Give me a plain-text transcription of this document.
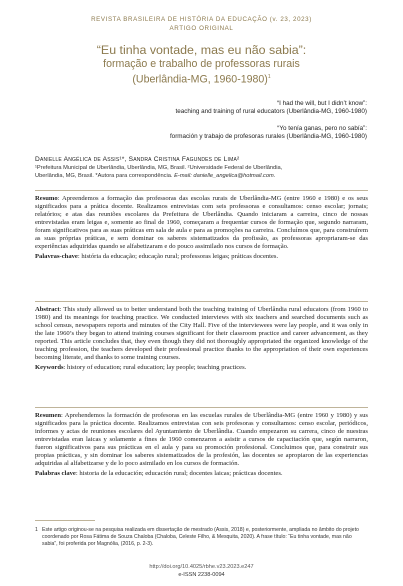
REVISTA BRASILEIRA DE HISTÓRIA DA EDUCAÇÃO (v. 23, 2023)
ARTIGO ORIGINAL
“Eu tinha vontade, mas eu não sabia”:
formação e trabalho de professoras rurais
(Uberlândia-MG, 1960-1980)$^1$
“I had the will, but I didn’t know”:
teaching and training of rural educators (Uberlândia-MG, 1960-1980)
“Yo tenía ganas, pero no sabía”:
formación y trabajo de profesoras rurales (Uberlândia-MG, 1960-1980)
Danielle Angélica de Assis¹*, Sandra Cristina Fagundes de Lima²
¹Prefeitura Municipal de Uberlândia, Uberlândia, MG, Brasil. ²Universidade Federal de Uberlândia,
Uberlândia, MG, Brasil. *Autora para correspondência. E-mail: danielle_angelica@hotmail.com.
Resumo: Apreendemos a formação das professoras das escolas rurais de Uberlândia-MG (entre 1960 e 1980) e os seus significados para a prática docente. Realizamos entrevistas com seis professoras e consultamos: censo escolar; jornais; relatórios; e atas das reuniões escolares da Prefeitura de Uberlândia. Quando iniciaram a carreira, cinco de nossas entrevistadas eram leigas e, somente ao final de 1960, começaram a frequentar cursos de formação que, segundo narraram, foram significativos para as suas práticas em sala de aula e para as promoções na carreira. Concluímos que, para construírem as suas próprias práticas, e sem dominar os saberes sistematizados da profissão, as professoras apropriaram-se das experiências adquiridas quando se alfabetizaram e do pouco assimilado nos cursos de formação.
Palavras-chave: história da educação; educação rural; professoras leigas; práticas docentes.
Abstract: This study allowed us to better understand both the teaching training of Uberlândia rural educators (from 1960 to 1980) and its meanings for teaching practice. We conducted interviews with six teachers and searched documents such as school census, newspapers reports and minutes of the City Hall. Five of the interviewees were lay people, and it was only in the late 1960’s they began to attend training courses significant for their classroom practice and career advancement, as they reported. This article concludes that, they even though they did not thoroughly appropriated the organized knowledge of the teaching profession, the teachers developed their professional practice thanks to the appropriation of their own experiences becoming literate, and thanks to some training courses.
Keywords: history of education; rural education; lay people; teaching practices.
Resumen: Aprehendemos la formación de profesoras en las escuelas rurales de Uberlândia-MG (entre 1960 y 1980) y sus significados para la práctica docente. Realizamos entrevistas con seis profesoras y consultamos: censo escolar, periódicos, informes y actas de reuniones escolares del Ayuntamiento de Uberlândia. Cuando empezaron su carrera, cinco de nuestras entrevistadas eran laicas y solamente a fines de 1960 comenzaron a asistir a cursos de capacitación que, según narraron, fueron significativos para sus prácticas en el aula y para su promoción profesional. Concluimos que, para construir sus propias prácticas, y sin dominar los saberes sistematizados de la profesión, las docentes se apropiaron de las experiencias adquiridas al alfabetizarse y de lo poco asimilado en los cursos de formación.
Palabras clave: historia de la educación; educación rural; docentes laicas; prácticas docentes.
1 Este artigo originou-se na pesquisa realizada em dissertação de mestrado (Assis, 2018) e, posteriormente, ampliada no âmbito do projeto coordenado por Rosa Fátima de Souza Chaloba (Chaloba, Celeste Filho, & Mesquita, 2020). A frase título: “Eu tinha vontade, mas não sabia”, foi proferida por Magnólia, (2016, p. 2-3).
http://doi.org/10.4025/rbhe.v23.2023.e247
e-ISSN 2238-0094
